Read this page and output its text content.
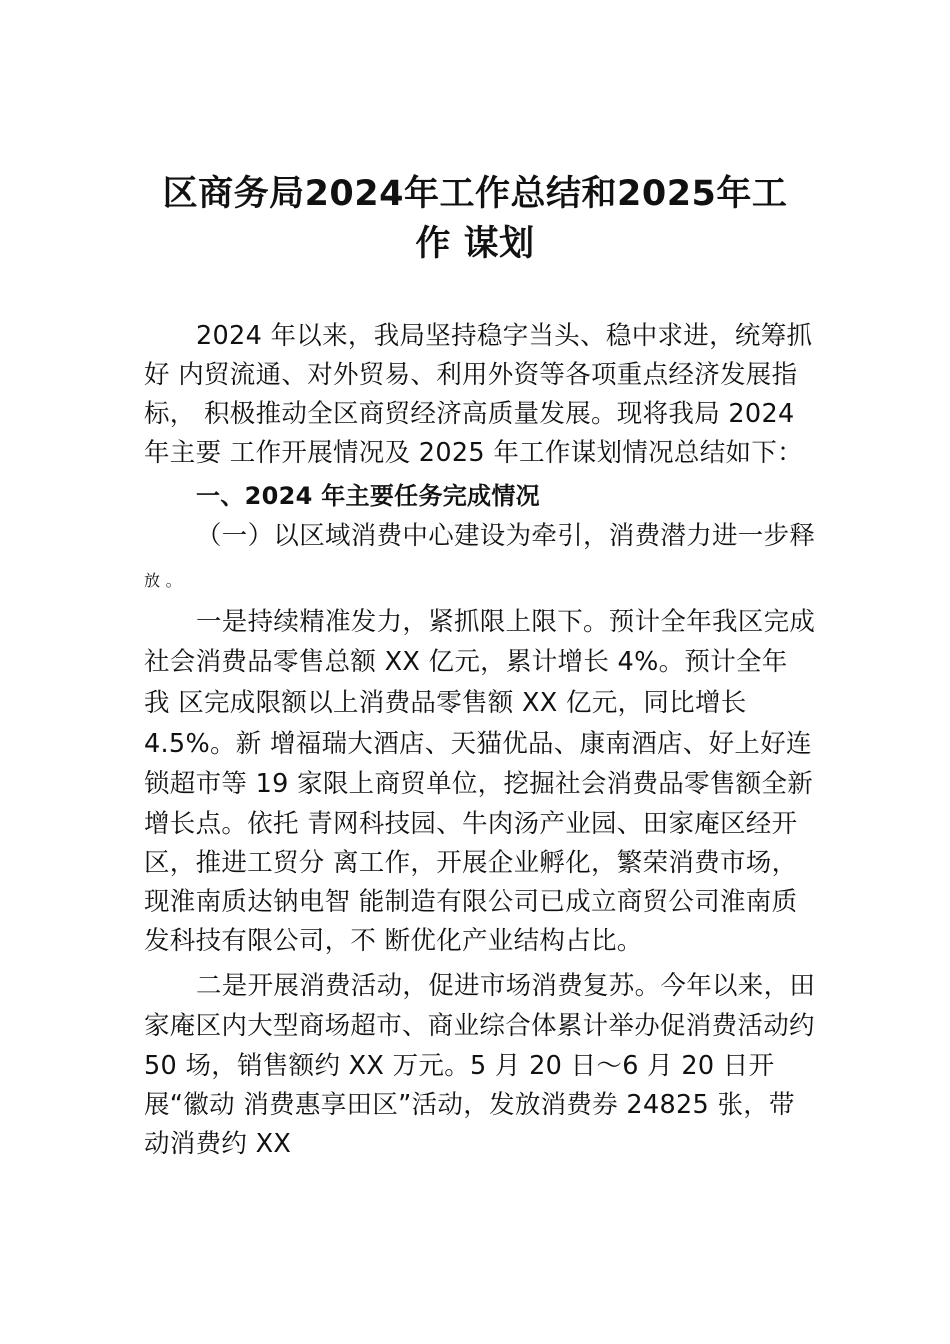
区商务局2024年工作总结和2025年工
作 谋划
2024 年以来，我局坚持稳字当头、稳中求进，统筹抓
好 内贸流通、对外贸易、利用外资等各项重点经济发展指
标， 积极推动全区商贸经济高质量发展。现将我局 2024
年主要 工作开展情况及 2025 年工作谋划情况总结如下：
一、2024 年主要任务完成情况
（一）以区域消费中心建设为牵引，消费潜力进一步释
放 。
一是持续精准发力，紧抓限上限下。预计全年我区完成
社会消费品零售总额 XX 亿元，累计增长 4%。预计全年
我 区完成限额以上消费品零售额 XX 亿元，同比增长
4.5%。新 增福瑞大酒店、天猫优品、康南酒店、好上好连
锁超市等 19 家限上商贸单位，挖掘社会消费品零售额全新
增长点。依托 青网科技园、牛肉汤产业园、田家庵区经开
区，推进工贸分 离工作，开展企业孵化，繁荣消费市场，
现淮南质达钠电智 能制造有限公司已成立商贸公司淮南质
发科技有限公司，不 断优化产业结构占比。
二是开展消费活动，促进市场消费复苏。今年以来，田
家庵区内大型商场超市、商业综合体累计举办促消费活动约
50 场，销售额约 XX 万元。5 月 20 日～6 月 20 日开
展“徽动 消费惠享田区”活动，发放消费券 24825 张，带
动消费约 XX
